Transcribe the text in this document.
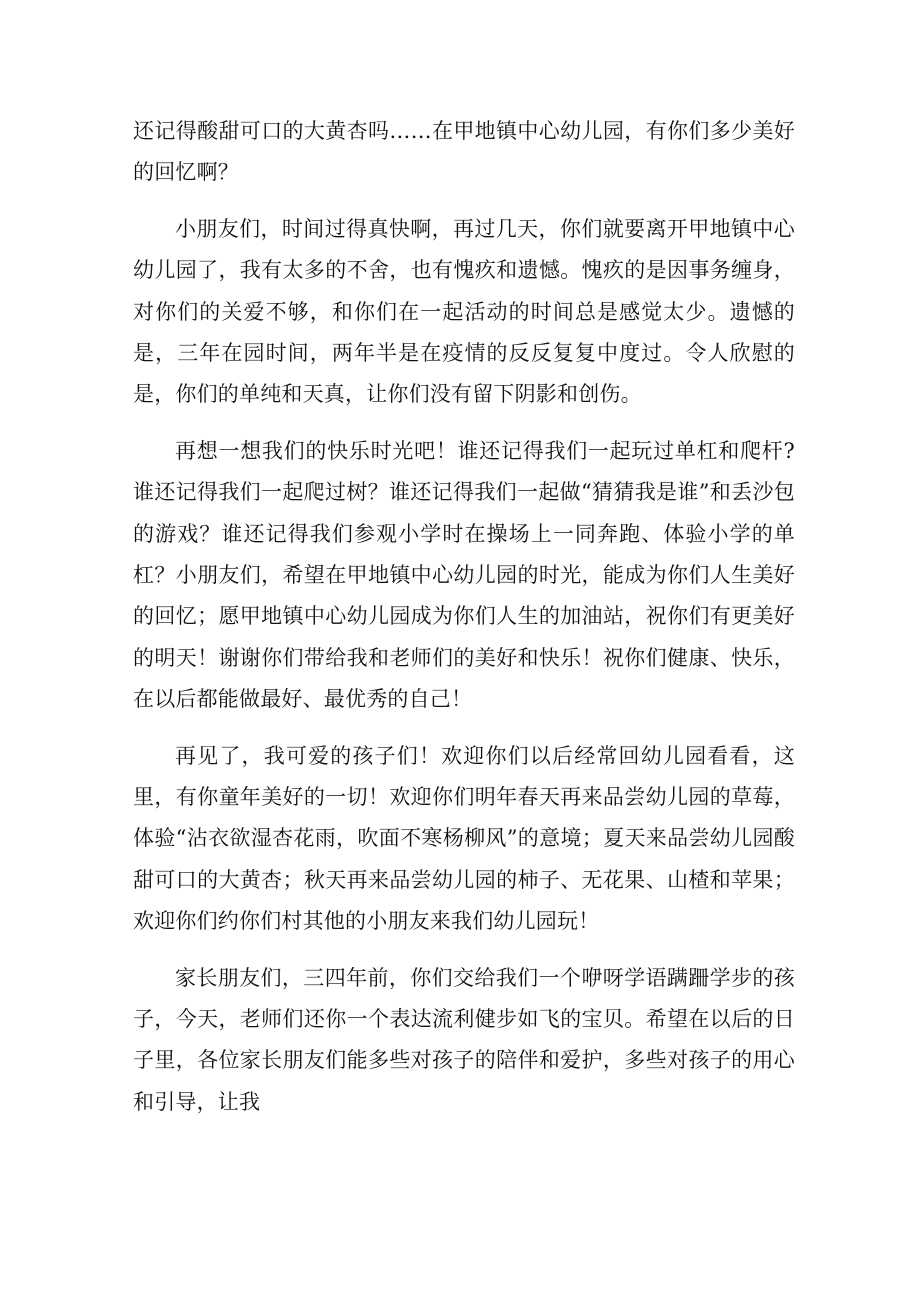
还记得酸甜可口的大黄杏吗……在甲地镇中心幼儿园，有你们多少美好的回忆啊？

小朋友们，时间过得真快啊，再过几天，你们就要离开甲地镇中心幼儿园了，我有太多的不舍，也有愧疚和遗憾。愧疚的是因事务缠身，对你们的关爱不够，和你们在一起活动的时间总是感觉太少。遗憾的是，三年在园时间，两年半是在疫情的反反复复中度过。令人欣慰的是，你们的单纯和天真，让你们没有留下阴影和创伤。

再想一想我们的快乐时光吧！谁还记得我们一起玩过单杠和爬杆?谁还记得我们一起爬过树？谁还记得我们一起做“猜猜我是谁”和丢沙包的游戏？谁还记得我们参观小学时在操场上一同奔跑、体验小学的单杠？小朋友们，希望在甲地镇中心幼儿园的时光，能成为你们人生美好的回忆；愿甲地镇中心幼儿园成为你们人生的加油站，祝你们有更美好的明天！谢谢你们带给我和老师们的美好和快乐！祝你们健康、快乐，在以后都能做最好、最优秀的自己！

再见了，我可爱的孩子们！欢迎你们以后经常回幼儿园看看，这里，有你童年美好的一切！欢迎你们明年春天再来品尝幼儿园的草莓，体验“沾衣欲湿杏花雨，吹面不寒杨柳风”的意境；夏天来品尝幼儿园酸甜可口的大黄杏；秋天再来品尝幼儿园的柿子、无花果、山楂和苹果；欢迎你们约你们村其他的小朋友来我们幼儿园玩！

家长朋友们，三四年前，你们交给我们一个咿呀学语蹒跚学步的孩子，今天，老师们还你一个表达流利健步如飞的宝贝。希望在以后的日子里，各位家长朋友们能多些对孩子的陪伴和爱护，多些对孩子的用心和引导，让我
